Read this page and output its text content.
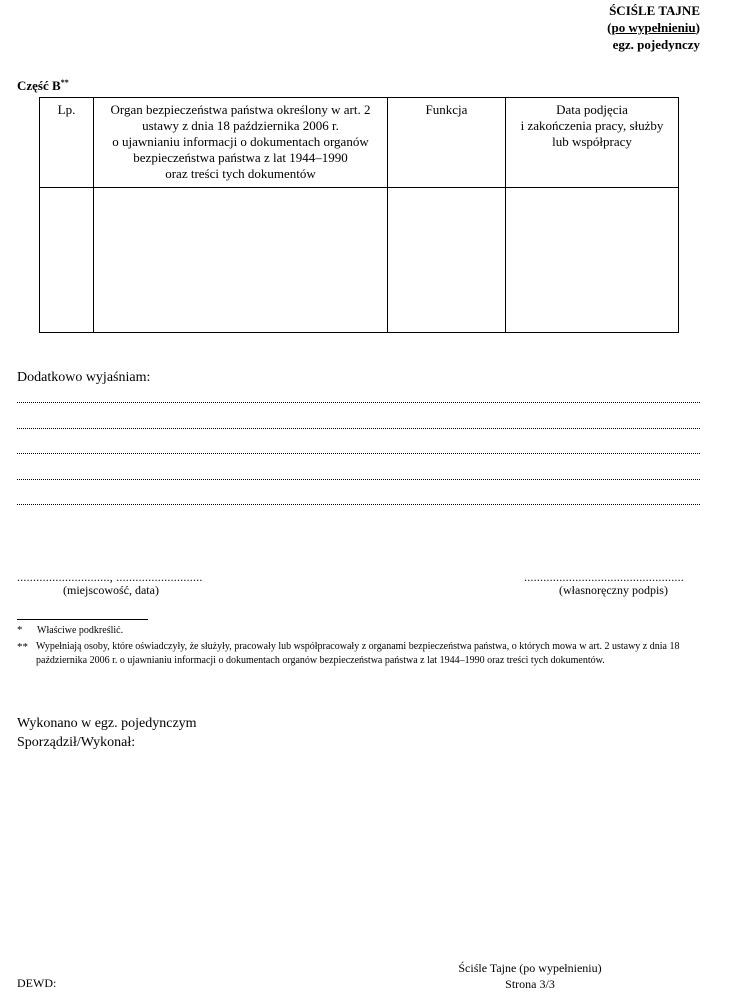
ŚCIŚLE TAJNE
(po wypełnieniu)
egz. pojedynczy
Część B**
Lp.	Organ bezpieczeństwa państwa określony w art. 2
ustawy z dnia 18 października 2006 r.
o ujawnianiu informacji o dokumentach organów
bezpieczeństwa państwa z lat 1944–1990
oraz treści tych dokumentów	Funkcja	Data podjęcia
i zakończenia pracy, służby
lub współpracy

Dodatkowo wyjaśniam:
............................., ...........................
(miejscowość, data)
..................................................
(własnoręczny podpis)
* Właściwe podkreślić.
** Wypełniają osoby, które oświadczyły, że służyły, pracowały lub współpracowały z organami bezpieczeństwa państwa, o których mowa w art. 2 ustawy z dnia 18 października 2006 r. o ujawnianiu informacji o dokumentach organów bezpieczeństwa państwa z lat 1944–1990 oraz treści tych dokumentów.
Wykonano w egz. pojedynczym
Sporządził/Wykonał:
Ściśle Tajne (po wypełnieniu)
Strona 3/3
DEWD:
